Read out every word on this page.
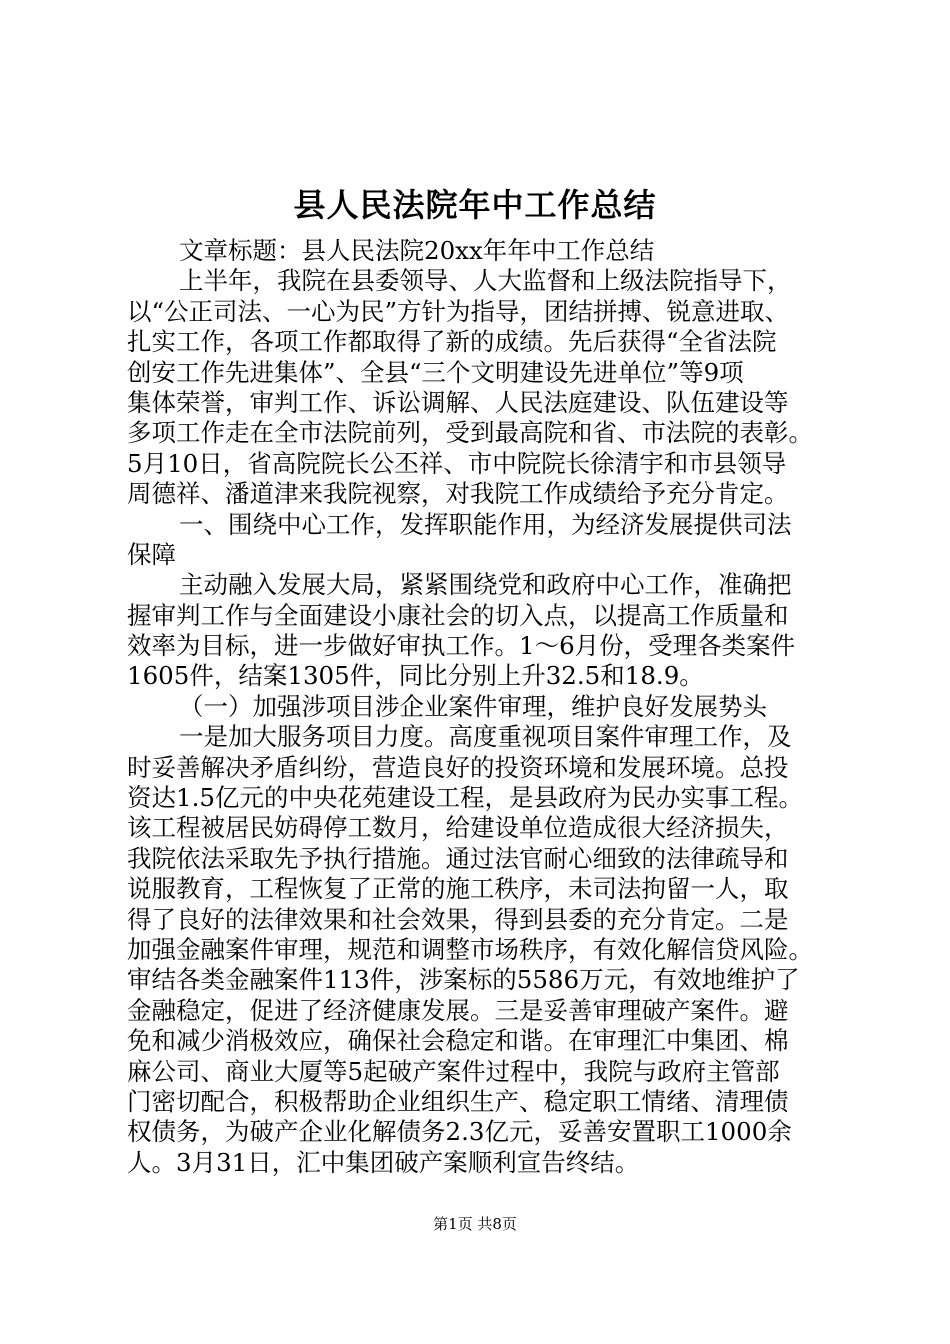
县人民法院年中工作总结
文章标题：县人民法院20xx年年中工作总结
上半年，我院在县委领导、人大监督和上级法院指导下，
以“公正司法、一心为民”方针为指导，团结拼搏、锐意进取、
扎实工作，各项工作都取得了新的成绩。先后获得“全省法院
创安工作先进集体”、全县“三个文明建设先进单位”等9项
集体荣誉，审判工作、诉讼调解、人民法庭建设、队伍建设等
多项工作走在全市法院前列，受到最高院和省、市法院的表彰。
5月10日，省高院院长公丕祥、市中院院长徐清宇和市县领导
周德祥、潘道津来我院视察，对我院工作成绩给予充分肯定。
一、围绕中心工作，发挥职能作用，为经济发展提供司法
保障
主动融入发展大局，紧紧围绕党和政府中心工作，准确把
握审判工作与全面建设小康社会的切入点，以提高工作质量和
效率为目标，进一步做好审执工作。1～6月份，受理各类案件
1605件，结案1305件，同比分别上升32.5和18.9。
（一）加强涉项目涉企业案件审理，维护良好发展势头
一是加大服务项目力度。高度重视项目案件审理工作，及
时妥善解决矛盾纠纷，营造良好的投资环境和发展环境。总投
资达1.5亿元的中央花苑建设工程，是县政府为民办实事工程。
该工程被居民妨碍停工数月，给建设单位造成很大经济损失，
我院依法采取先予执行措施。通过法官耐心细致的法律疏导和
说服教育，工程恢复了正常的施工秩序，未司法拘留一人，取
得了良好的法律效果和社会效果，得到县委的充分肯定。二是
加强金融案件审理，规范和调整市场秩序，有效化解信贷风险。
审结各类金融案件113件，涉案标的5586万元，有效地维护了
金融稳定，促进了经济健康发展。三是妥善审理破产案件。避
免和减少消极效应，确保社会稳定和谐。在审理汇中集团、棉
麻公司、商业大厦等5起破产案件过程中，我院与政府主管部
门密切配合，积极帮助企业组织生产、稳定职工情绪、清理债
权债务，为破产企业化解债务2.3亿元，妥善安置职工1000余
人。3月31日，汇中集团破产案顺利宣告终结。
第1页 共8页
